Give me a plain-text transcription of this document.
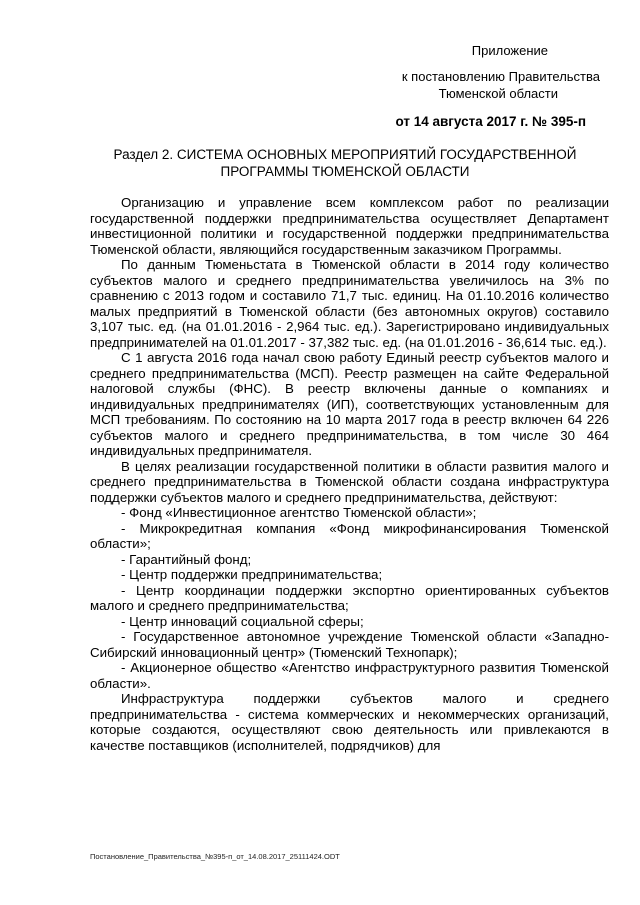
Приложение
к постановлению Правительства
Тюменской области
от 14 августа 2017 г. № 395-п
Раздел 2. СИСТЕМА ОСНОВНЫХ МЕРОПРИЯТИЙ ГОСУДАРСТВЕННОЙ
ПРОГРАММЫ ТЮМЕНСКОЙ ОБЛАСТИ

Организацию и управление всем комплексом работ по реализации государственной поддержки предпринимательства осуществляет Департамент инвестиционной политики и государственной поддержки предпринимательства Тюменской области, являющийся государственным заказчиком Программы.

По данным Тюменьстата в Тюменской области в 2014 году количество субъектов малого и среднего предпринимательства увеличилось на 3% по сравнению с 2013 годом и составило 71,7 тыс. единиц. На 01.10.2016 количество малых предприятий в Тюменской области (без автономных округов) составило 3,107 тыс. ед. (на 01.01.2016 - 2,964 тыс. ед.). Зарегистрировано индивидуальных предпринимателей на 01.01.2017 - 37,382 тыс. ед. (на 01.01.2016 - 36,614 тыс. ед.).

С 1 августа 2016 года начал свою работу Единый реестр субъектов малого и среднего предпринимательства (МСП). Реестр размещен на сайте Федеральной налоговой службы (ФНС). В реестр включены данные о компаниях и индивидуальных предпринимателях (ИП), соответствующих установленным для МСП требованиям. По состоянию на 10 марта 2017 года в реестр включен 64 226 субъектов малого и среднего предпринимательства, в том числе 30 464 индивидуальных предпринимателя.

В целях реализации государственной политики в области развития малого и среднего предпринимательства в Тюменской области создана инфраструктура поддержки субъектов малого и среднего предпринимательства, действуют:

- Фонд «Инвестиционное агентство Тюменской области»;

- Микрокредитная компания «Фонд микрофинансирования Тюменской области»;

- Гарантийный фонд;

- Центр поддержки предпринимательства;

- Центр координации поддержки экспортно ориентированных субъектов малого и среднего предпринимательства;

- Центр инноваций социальной сферы;

- Государственное автономное учреждение Тюменской области «Западно-Сибирский инновационный центр» (Тюменский Технопарк);

- Акционерное общество «Агентство инфраструктурного развития Тюменской области».

Инфраструктура поддержки субъектов малого и среднего предпринимательства - система коммерческих и некоммерческих организаций, которые создаются, осуществляют свою деятельность или привлекаются в качестве поставщиков (исполнителей, подрядчиков) для

Постановление_Правительства_№395-п_от_14.08.2017_25111424.ODT
